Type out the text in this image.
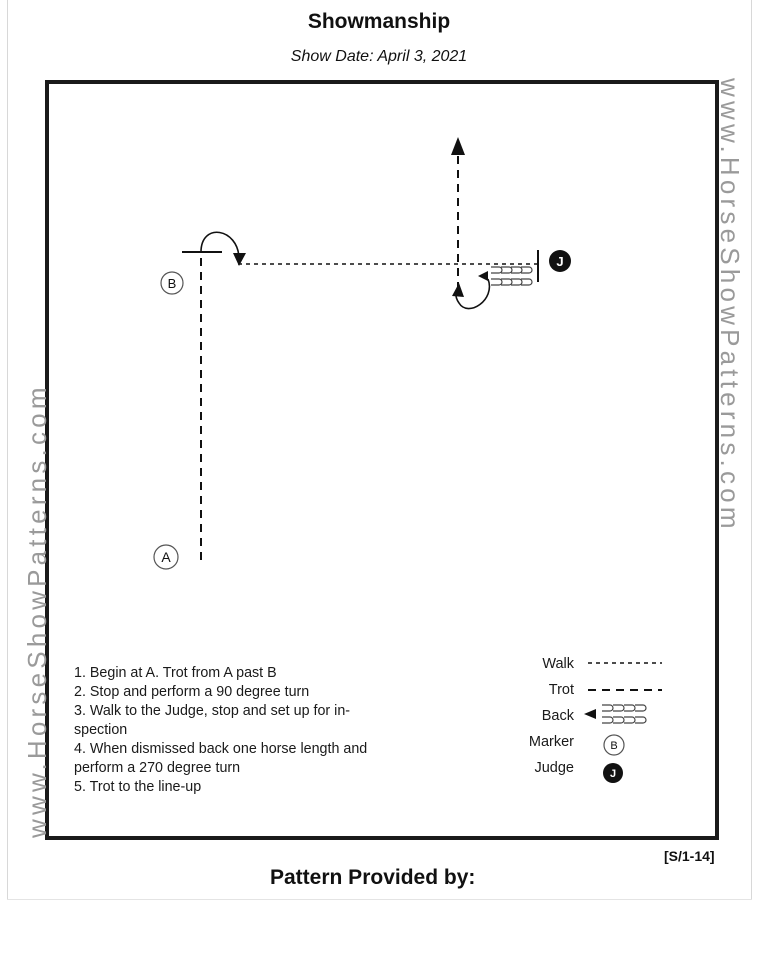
Showmanship
Show Date: April 3, 2021
www.HorseShowPatterns.com
www.HorseShowPatterns.com
B
A
J
B
J

1. Begin at A. Trot from A past B

2. Stop and perform a 90 degree turn

3. Walk to the Judge, stop and set up for in-spection

4. When dismissed back one horse length and perform a 270 degree turn

5. Trot to the line-up

Walk
Trot
Back
Marker
Judge
[S/1-14]
Pattern Provided by:
